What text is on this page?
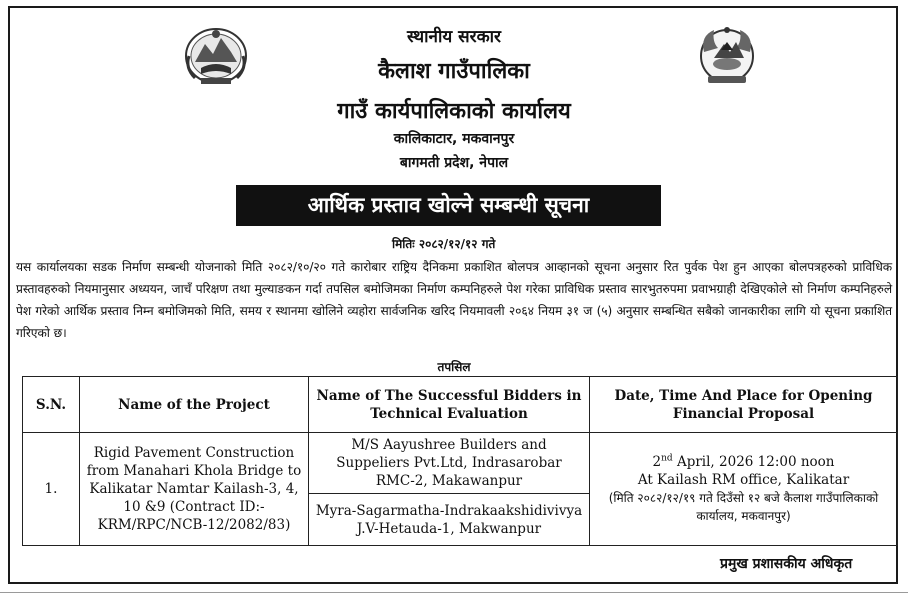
स्थानीय सरकार
कैलाश गाउँपालिका
गाउँ कार्यपालिकाको कार्यालय
कालिकाटार, मकवानपुर
बागमती प्रदेश, नेपाल
आर्थिक प्रस्ताव खोल्ने सम्बन्धी सूचना
मितिः २०८२/१२/१२ गते
यस कार्यालयका सडक निर्माण सम्बन्धी योजनाको मिति २०८२/१०/२० गते कारोबार राष्ट्रिय दैनिकमा प्रकाशित बोलपत्र आव्हानको सूचना अनुसार रित पुर्वक पेश हुन आएका बोलपत्रहरुको प्राविधिक प्रस्तावहरुको नियमानुसार अध्ययन, जाचँ परिक्षण तथा मुल्याङकन गर्दा तपसिल बमोजिमका निर्माण कम्पनिहरुले पेश गरेका प्राविधिक प्रस्ताव सारभुतरुपमा प्रवाभग्राही देखिएकोले सो निर्माण कम्पनिहरुले पेश गरेको आर्थिक प्रस्ताव निम्न बमोजिमको मिति, समय र स्थानमा खोलिने व्यहोरा सार्वजनिक खरिद नियमावली २०६४ नियम ३१ ज (५) अनुसार सम्बन्धित सबैको जानकारीका लागि यो सूचना प्रकाशित गरिएको छ।
तपसिल
S.N.	Name of the Project	Name of The Successful Bidders in Technical Evaluation	Date, Time And Place for Opening Financial Proposal
1.	Rigid Pavement Construction from Manahari Khola Bridge to Kalikatar Namtar Kailash-3, 4, 10 &9 (Contract ID:- KRM/RPC/NCB-12/2082/83)	M/S Aayushree Builders and Suppeliers Pvt.Ltd, Indrasarobar RMC-2, Makawanpur	2nd April, 2026 12:00 noon
At Kailash RM office, Kalikatar
(मिति २०८२/१२/१९ गते दिउँसो १२ बजे कैलाश गाउँपालिकाको कार्यालय, मकवानपुर)

		Myra-Sagarmatha-Indrakaakshidivivya J.V-Hetauda-1, Makwanpur	
प्रमुख प्रशासकीय अधिकृत
